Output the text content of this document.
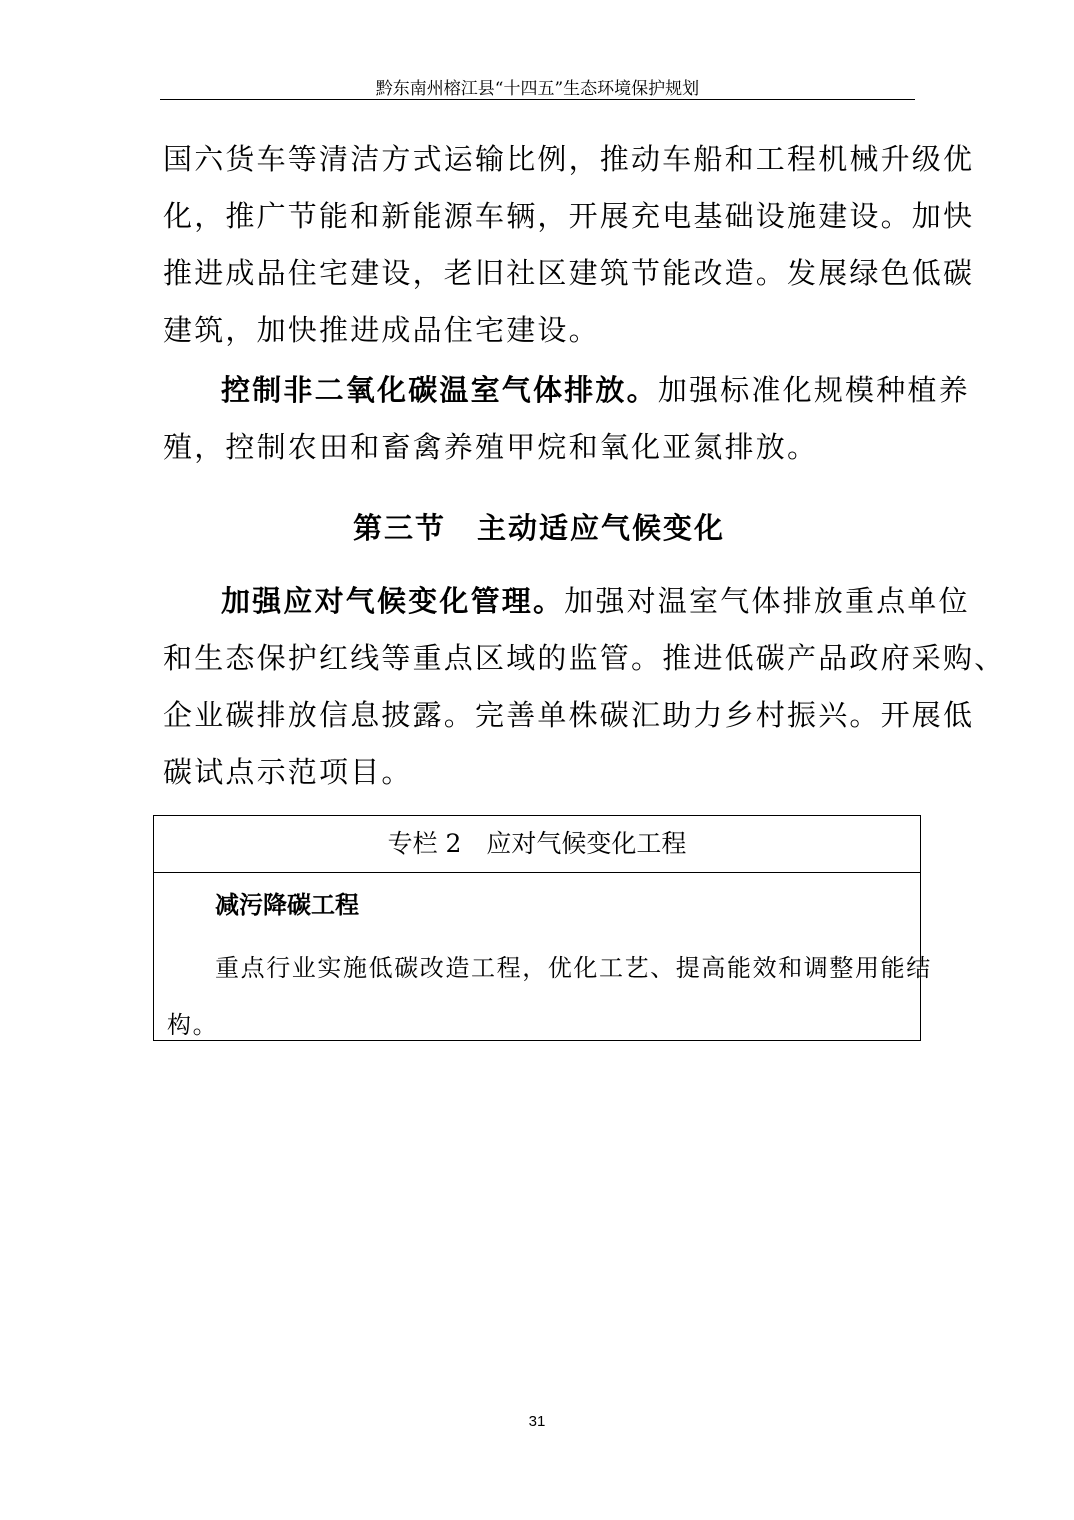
黔东南州榕江县“十四五”生态环境保护规划
国六货车等清洁方式运输比例，推动车船和工程机械升级优
化，推广节能和新能源车辆，开展充电基础设施建设。加快
推进成品住宅建设，老旧社区建筑节能改造。发展绿色低碳
建筑，加快推进成品住宅建设。
控制非二氧化碳温室气体排放。加强标准化规模种植养
殖，控制农田和畜禽养殖甲烷和氧化亚氮排放。
第三节　主动适应气候变化
加强应对气候变化管理。加强对温室气体排放重点单位
和生态保护红线等重点区域的监管。推进低碳产品政府采购、
企业碳排放信息披露。完善单株碳汇助力乡村振兴。开展低
碳试点示范项目。
专栏 2　应对气候变化工程
减污降碳工程
重点行业实施低碳改造工程，优化工艺、提高能效和调整用能结
构。
31
